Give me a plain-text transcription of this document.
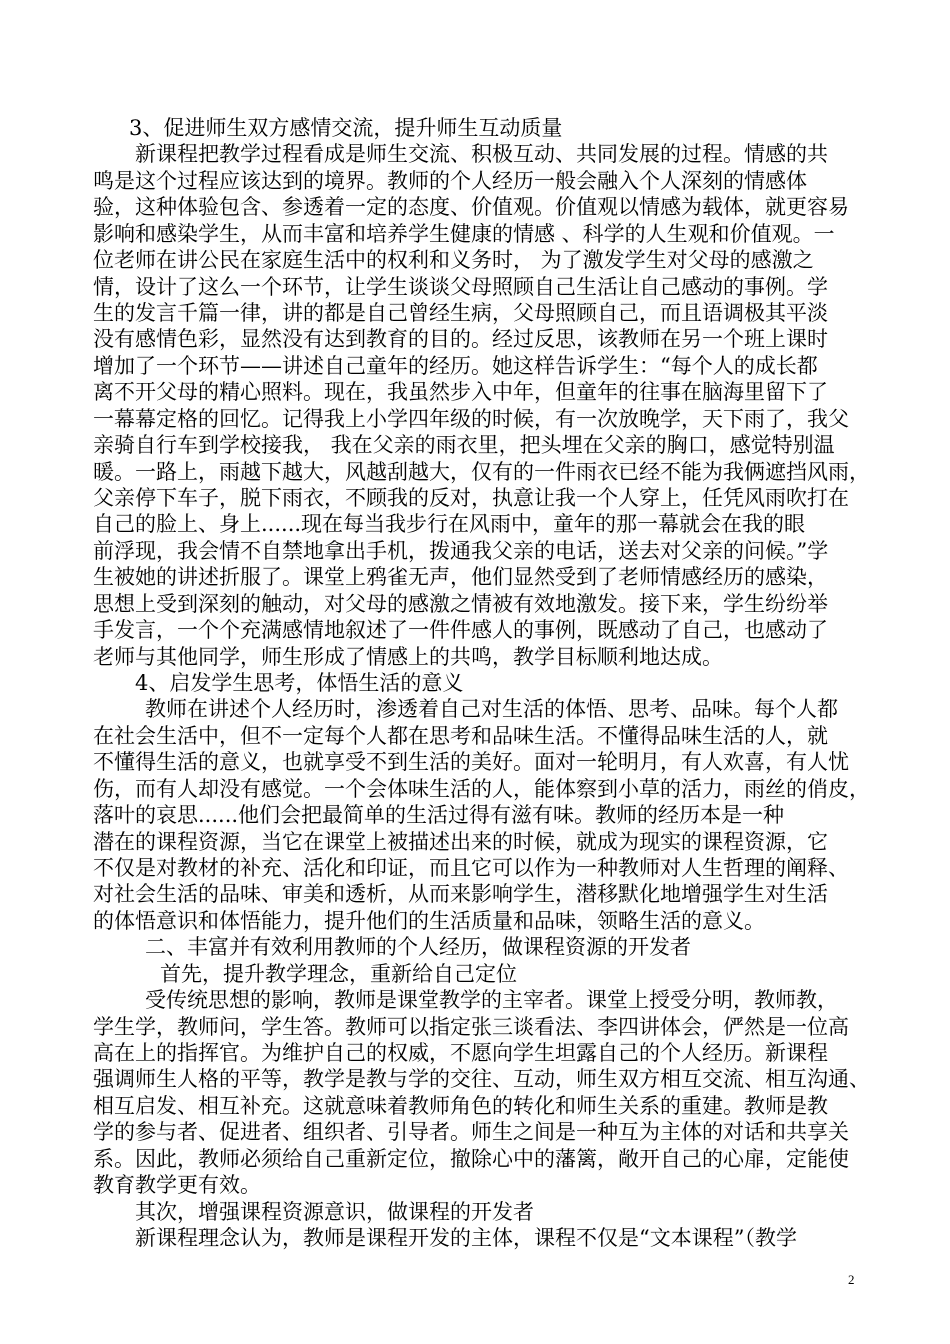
3、促进师生双方感情交流，提升师生互动质量
新课程把教学过程看成是师生交流、积极互动、共同发展的过程。情感的共
鸣是这个过程应该达到的境界。教师的个人经历一般会融入个人深刻的情感体
验，这种体验包含、参透着一定的态度、价值观。价值观以情感为载体，就更容易
影响和感染学生，从而丰富和培养学生健康的情感 、科学的人生观和价值观。一
位老师在讲公民在家庭生活中的权利和义务时， 为了激发学生对父母的感激之
情，设计了这么一个环节，让学生谈谈父母照顾自己生活让自己感动的事例。学
生的发言千篇一律，讲的都是自己曾经生病，父母照顾自己，而且语调极其平淡
没有感情色彩，显然没有达到教育的目的。经过反思，该教师在另一个班上课时
增加了一个环节——讲述自己童年的经历。她这样告诉学生：“每个人的成长都
离不开父母的精心照料。现在，我虽然步入中年，但童年的往事在脑海里留下了
一幕幕定格的回忆。记得我上小学四年级的时候，有一次放晚学，天下雨了，我父
亲骑自行车到学校接我， 我在父亲的雨衣里，把头埋在父亲的胸口，感觉特别温
暖。一路上，雨越下越大，风越刮越大，仅有的一件雨衣已经不能为我俩遮挡风雨，
父亲停下车子，脱下雨衣，不顾我的反对，执意让我一个人穿上，任凭风雨吹打在
自己的脸上、身上......现在每当我步行在风雨中，童年的那一幕就会在我的眼
前浮现，我会情不自禁地拿出手机，拨通我父亲的电话，送去对父亲的问候。”学
生被她的讲述折服了。课堂上鸦雀无声，他们显然受到了老师情感经历的感染，
思想上受到深刻的触动，对父母的感激之情被有效地激发。接下来，学生纷纷举
手发言，一个个充满感情地叙述了一件件感人的事例，既感动了自己，也感动了
老师与其他同学，师生形成了情感上的共鸣，教学目标顺利地达成。
4、启发学生思考，体悟生活的意义
教师在讲述个人经历时，渗透着自己对生活的体悟、思考、品味。每个人都
在社会生活中，但不一定每个人都在思考和品味生活。不懂得品味生活的人，就
不懂得生活的意义，也就享受不到生活的美好。面对一轮明月，有人欢喜，有人忧
伤，而有人却没有感觉。一个会体味生活的人，能体察到小草的活力，雨丝的俏皮，
落叶的哀思......他们会把最简单的生活过得有滋有味。教师的经历本是一种
潜在的课程资源，当它在课堂上被描述出来的时候，就成为现实的课程资源，它
不仅是对教材的补充、活化和印证，而且它可以作为一种教师对人生哲理的阐释、
对社会生活的品味、审美和透析，从而来影响学生，潜移默化地增强学生对生活
的体悟意识和体悟能力，提升他们的生活质量和品味，领略生活的意义。
二、丰富并有效利用教师的个人经历，做课程资源的开发者
首先，提升教学理念，重新给自己定位
受传统思想的影响，教师是课堂教学的主宰者。课堂上授受分明，教师教，
学生学，教师问，学生答。教师可以指定张三谈看法、李四讲体会，俨然是一位高
高在上的指挥官。为维护自己的权威，不愿向学生坦露自己的个人经历。新课程
强调师生人格的平等，教学是教与学的交往、互动，师生双方相互交流、相互沟通、
相互启发、相互补充。这就意味着教师角色的转化和师生关系的重建。教师是教
学的参与者、促进者、组织者、引导者。师生之间是一种互为主体的对话和共享关
系。因此，教师必须给自己重新定位，撤除心中的藩篱，敞开自己的心扉，定能使
教育教学更有效。
其次，增强课程资源意识，做课程的开发者
新课程理念认为，教师是课程开发的主体，课程不仅是“文本课程”（教学
2
